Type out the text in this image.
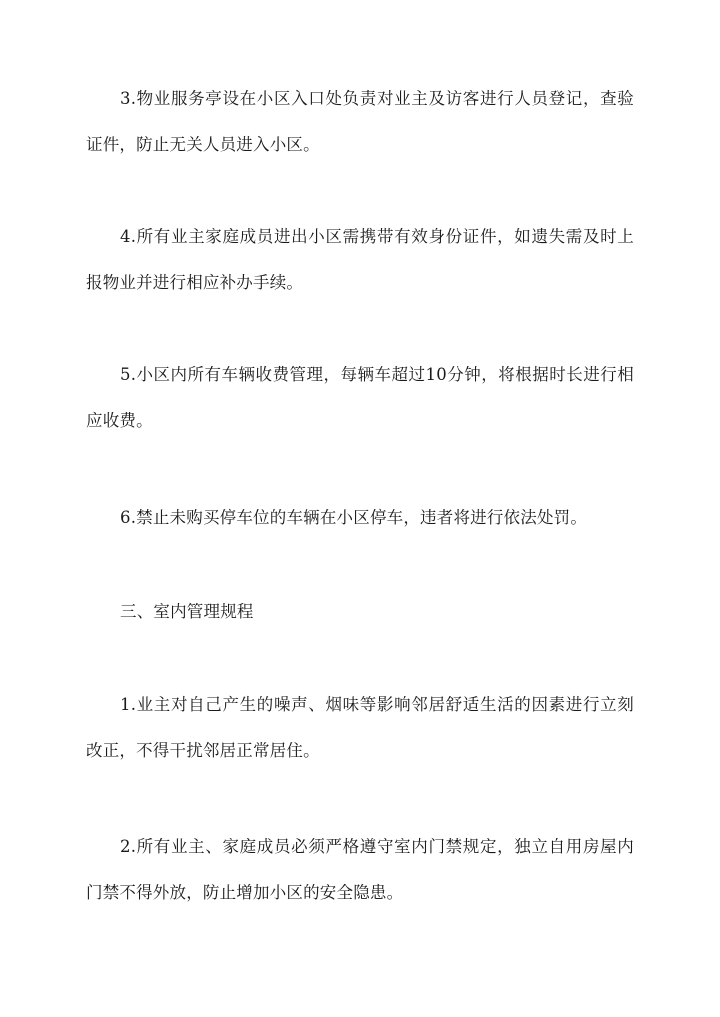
3.物业服务亭设在小区入口处负责对业主及访客进行人员登记，查验证件，防止无关人员进入小区。

4.所有业主家庭成员进出小区需携带有效身份证件，如遗失需及时上报物业并进行相应补办手续。

5.小区内所有车辆收费管理，每辆车超过10分钟，将根据时长进行相应收费。

6.禁止未购买停车位的车辆在小区停车，违者将进行依法处罚。

三、室内管理规程

1.业主对自己产生的噪声、烟味等影响邻居舒适生活的因素进行立刻改正，不得干扰邻居正常居住。

2.所有业主、家庭成员必须严格遵守室内门禁规定，独立自用房屋内门禁不得外放，防止增加小区的安全隐患。
